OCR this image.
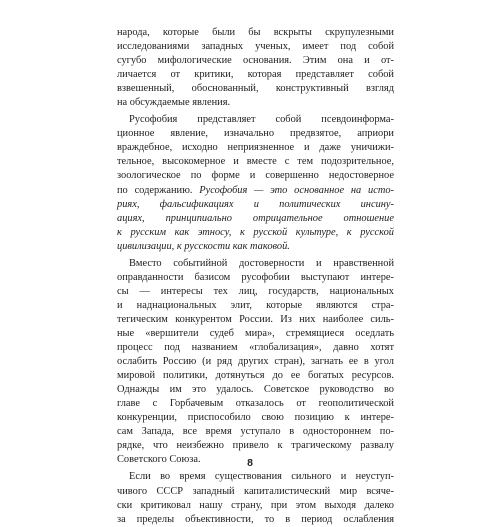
народа, которые были бы вскрыты скрупулезными
исследованиями западных ученых, имеет под собой
сугубо мифологические основания. Этим она и от-
личается от критики, которая представляет собой
взвешенный, обоснованный, конструктивный взгляд
на обсуждаемые явления.
Русофобия представляет собой псевдоинформа-
ционное явление, изначально предвзятое, априори
враждебное, исходно неприязненное и даже уничижи-
тельное, высокомерное и вместе с тем подозрительное,
зоологическое по форме и совершенно недостоверное
по содержанию. Русофобия — это основанное на исто-
риях, фальсификациях и политических инсину-
ациях, принципиально отрицательное отношение
к русским как этносу, к русской культуре, к русской
цивилизации, к русскости как таковой.
Вместо событийной достоверности и нравственной
оправданности базисом русофобии выступают интере-
сы — интересы тех лиц, государств, национальных
и наднациональных элит, которые являются стра-
тегическим конкурентом России. Из них наиболее силь-
ные «вершители судеб мира», стремящиеся оседлать
процесс под названием «глобализация», давно хотят
ослабить Россию (и ряд других стран), загнать ее в угол
мировой политики, дотянуться до ее богатых ресурсов.
Однажды им это удалось. Советское руководство во
главе с Горбачевым отказалось от геополитической
конкуренции, приспособило свою позицию к интере-
сам Запада, все время уступало в одностороннем по-
рядке, что неизбежно привело к трагическому развалу
Советского Союза.
Если во время существования сильного и неуступ-
чивого СССР западный капиталистический мир всяче-
ски критиковал нашу страну, при этом выходя далеко
за пределы объективности, то в период ослабления
8
